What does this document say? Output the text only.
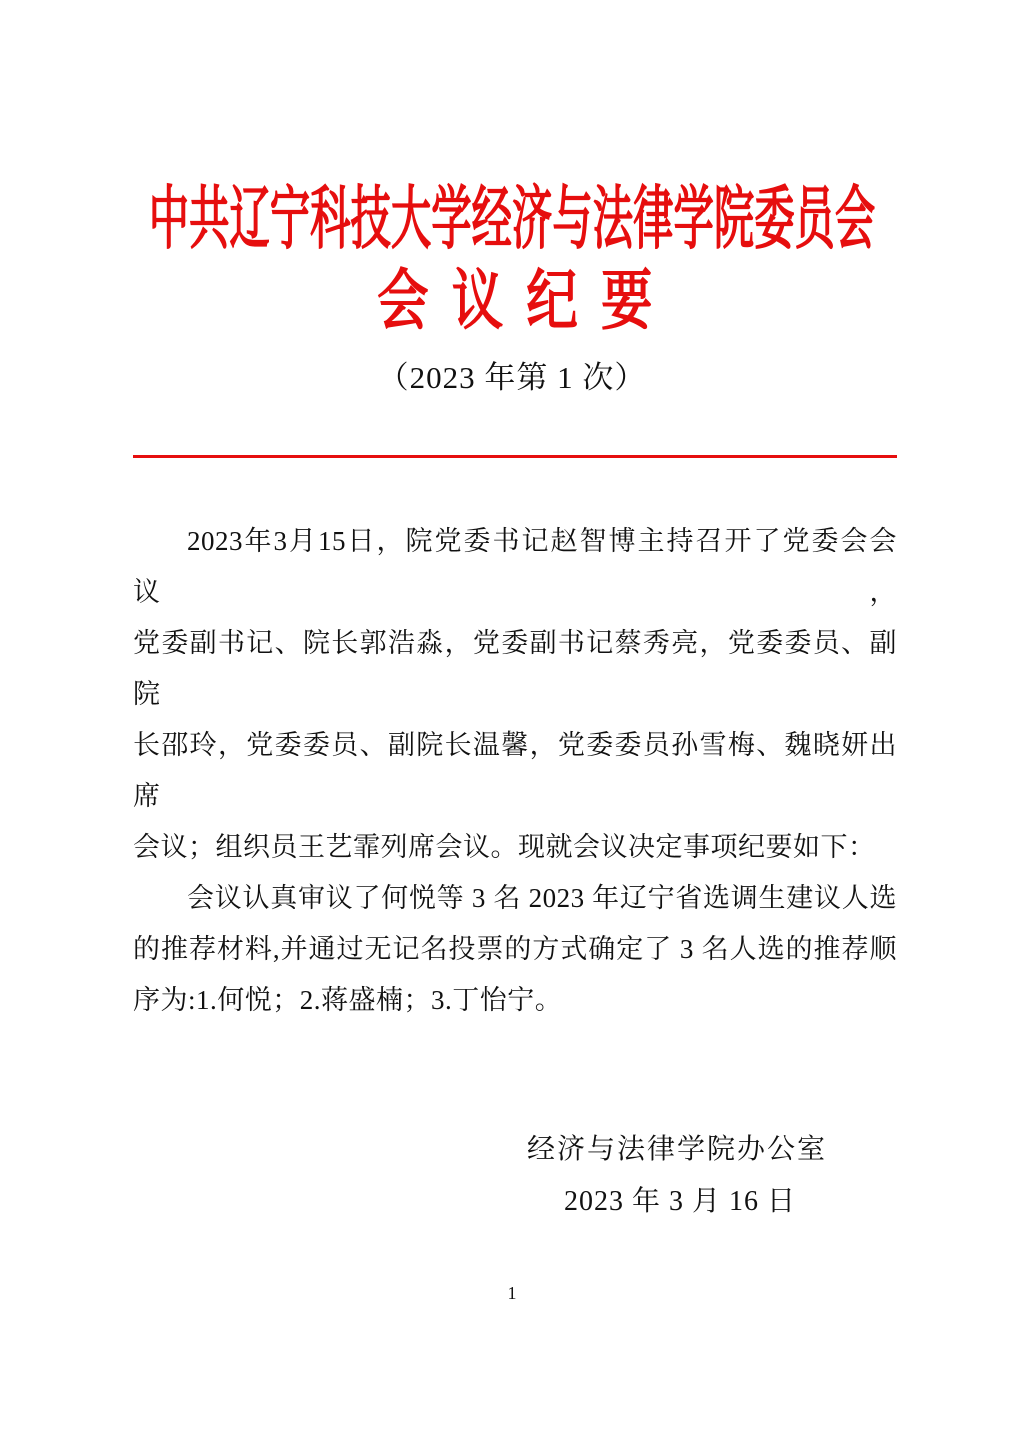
中共辽宁科技大学经济与法律学院委员会
会议纪要
（2023 年第 1 次）
2023年3月15日，院党委书记赵智博主持召开了党委会会议，
党委副书记、院长郭浩淼，党委副书记蔡秀亮，党委委员、副院
长邵玲，党委委员、副院长温馨，党委委员孙雪梅、魏晓妍出席
会议；组织员王艺霏列席会议。现就会议决定事项纪要如下：
会议认真审议了何悦等 3 名 2023 年辽宁省选调生建议人选
的推荐材料,并通过无记名投票的方式确定了 3 名人选的推荐顺
序为:1.何悦；2.蒋盛楠；3.丁怡宁。
经济与法律学院办公室
2023 年 3 月 16 日
1
